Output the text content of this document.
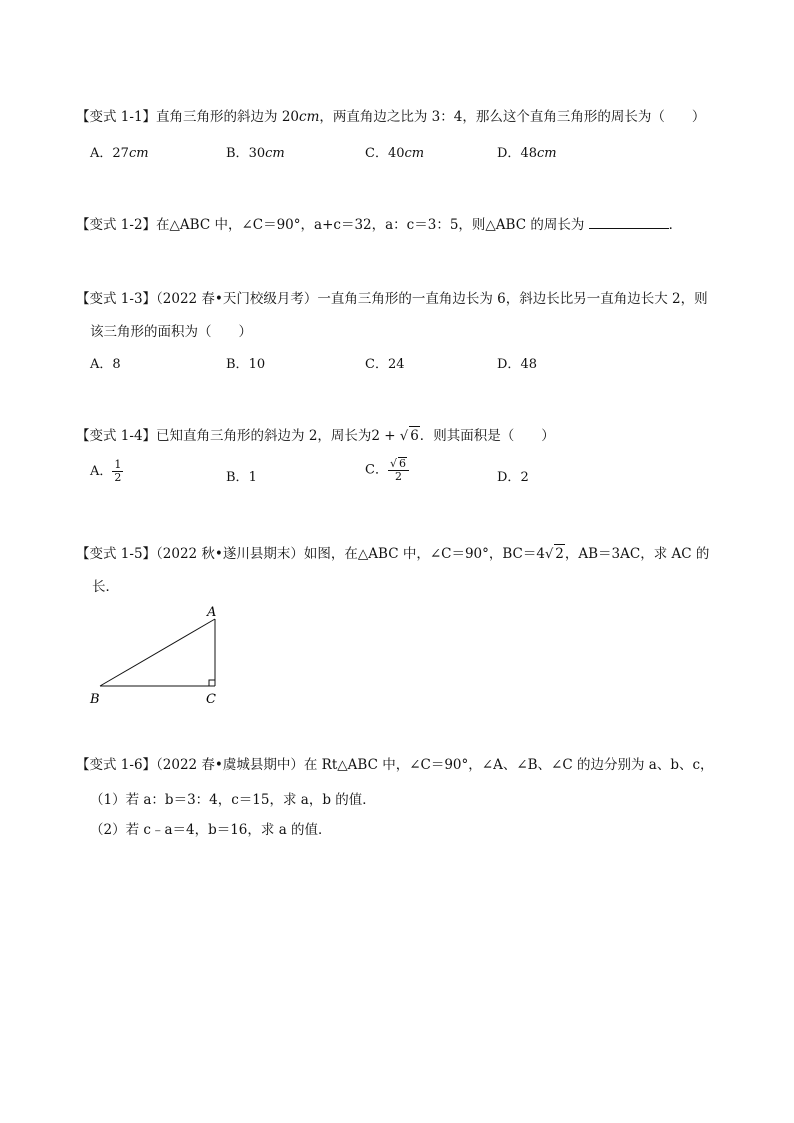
【变式 1-1】直角三角形的斜边为 20cm，两直角边之比为 3：4，那么这个直角三角形的周长为（　　）
A．27cm	B．30cm	C．40cm	D．48cm
【变式 1-2】在△ABC 中，∠C＝90°，a+c＝32，a：c＝3：5，则△ABC 的周长为	．
【变式 1-3】（2022 春•天门校级月考）一直角三角形的一直角边长为 6，斜边长比另一直角边长大 2，则
该三角形的面积为（　　）
A．8	B．10	C．24	D．48
【变式 1-4】已知直角三角形的斜边为 2，周长为2 + √ 6．则其面积是（　　）
A． $\frac{1}{2}$	B．1	C． $\frac{√ 6}{2}$	D．2
【变式 1-5】（2022 秋•遂川县期末）如图，在△ABC 中，∠C＝90°，BC＝4√ 2，AB＝3AC，求 AC 的
长．
A
B	C
【变式 1-6】（2022 春•虞城县期中）在 Rt△ABC 中，∠C＝90°，∠A、∠B、∠C 的边分别为 a、b、c，
（1）若 a：b＝3：4，c＝15，求 a，b 的值．
（2）若 c﹣a＝4，b＝16，求 a 的值．
